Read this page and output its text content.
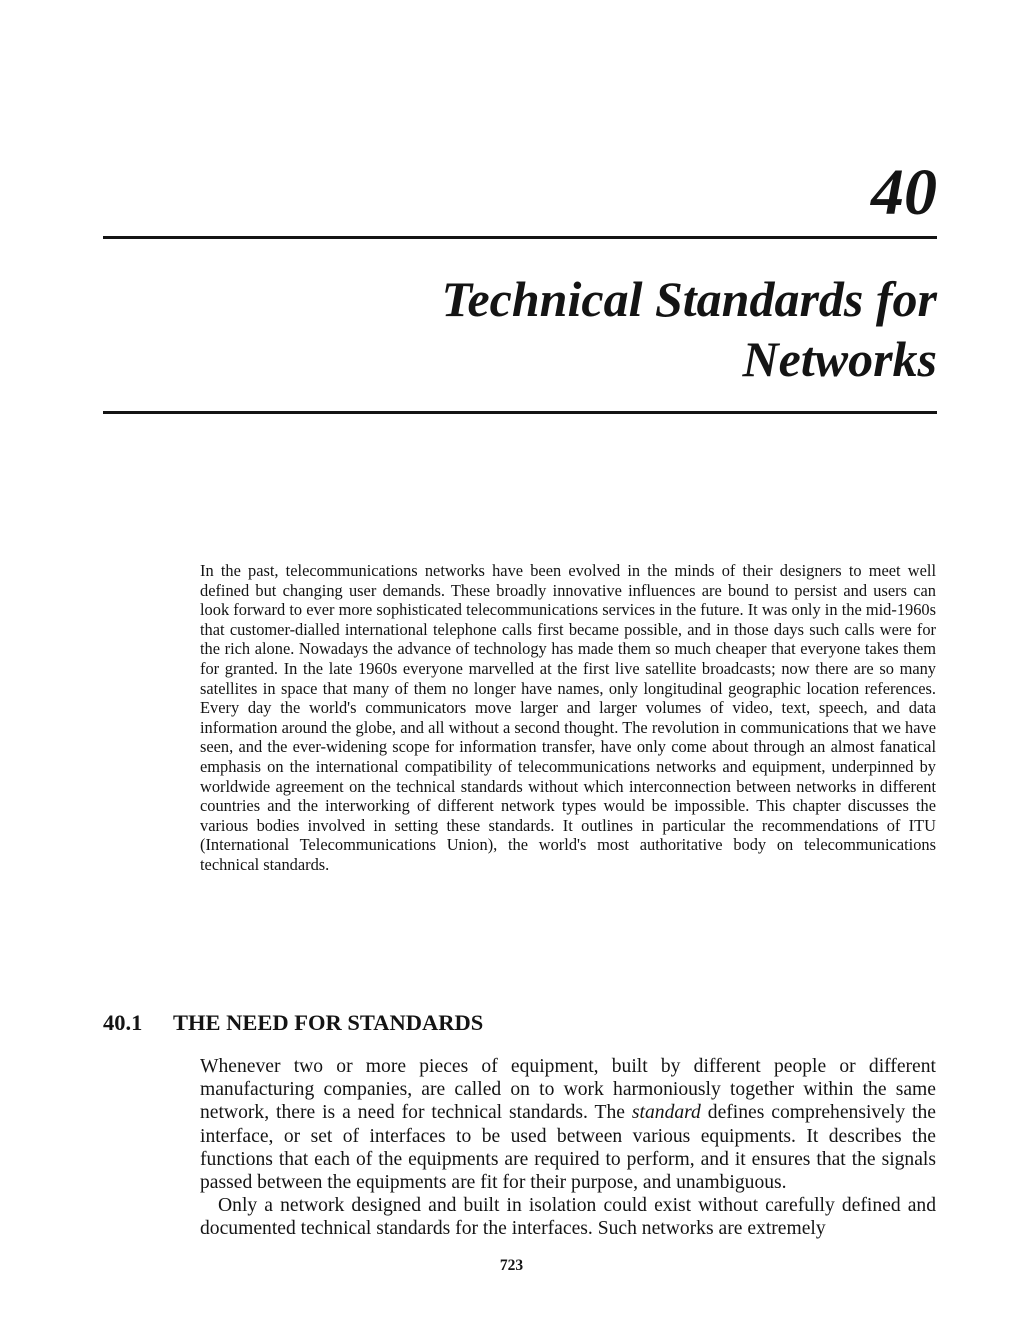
40
Technical Standards for
Networks

In the past, telecommunications networks have been evolved in the minds of their designers to meet well defined but changing user demands. These broadly innovative influences are bound to persist and users can look forward to ever more sophisticated telecommunications services in the future. It was only in the mid-1960s that customer-dialled international telephone calls first became possible, and in those days such calls were for the rich alone. Nowadays the advance of technology has made them so much cheaper that everyone takes them for granted. In the late 1960s everyone marvelled at the first live satellite broadcasts; now there are so many satellites in space that many of them no longer have names, only longitudinal geographic location references. Every day the world's communicators move larger and larger volumes of video, text, speech, and data information around the globe, and all without a second thought. The revolution in communications that we have seen, and the ever-widening scope for information transfer, have only come about through an almost fanatical emphasis on the international compatibility of telecommunications networks and equipment, underpinned by worldwide agreement on the technical standards without which interconnection between networks in different countries and the interworking of different network types would be impossible. This chapter discusses the various bodies involved in setting these standards. It outlines in particular the recommendations of ITU (International Telecommunications Union), the world's most authoritative body on telecommunications technical standards.

40.1 THE NEED FOR STANDARDS

Whenever two or more pieces of equipment, built by different people or different manufacturing companies, are called on to work harmoniously together within the same network, there is a need for technical standards. The standard defines comprehensively the interface, or set of interfaces to be used between various equipments. It describes the functions that each of the equipments are required to perform, and it ensures that the signals passed between the equipments are fit for their purpose, and unambiguous.

Only a network designed and built in isolation could exist without carefully defined and documented technical standards for the interfaces. Such networks are extremely

723
